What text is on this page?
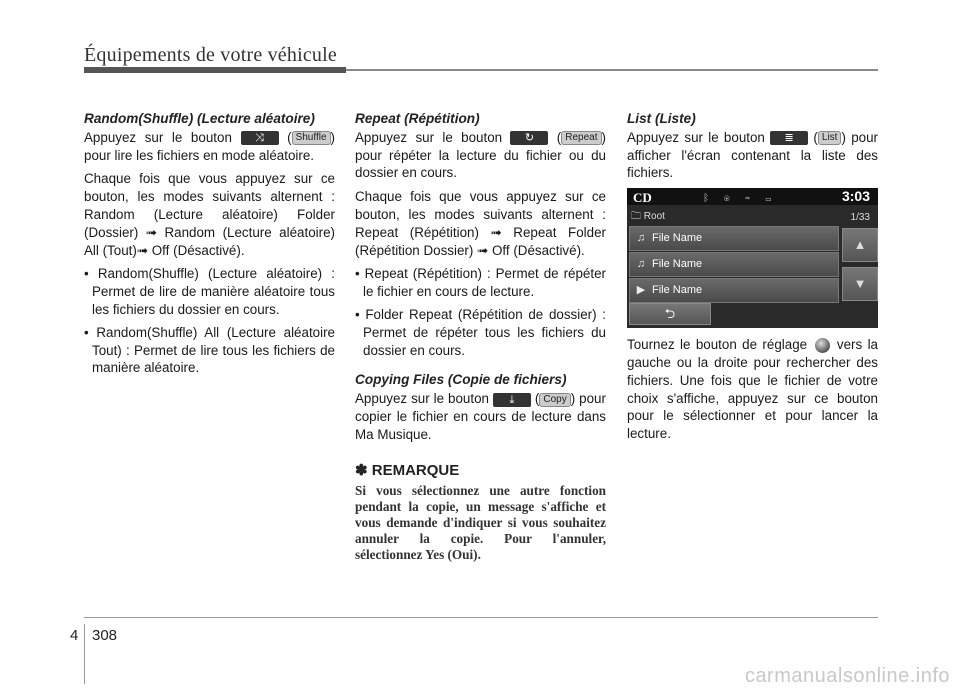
Équipements de votre véhicule
Random(Shuffle) (Lecture aléatoire)

Appuyez sur le bouton ⤨ ( Shuffle ) pour lire les fichiers en mode aléatoire.

Chaque fois que vous appuyez sur ce bouton, les modes suivants alternent : Random (Lecture aléatoire) Folder (Dossier) ➟ Random (Lecture aléatoire) All (Tout)➟ Off (Désactivé).

• Random(Shuffle) (Lecture aléatoire) : Permet de lire de manière aléatoire tous les fichiers du dossier en cours.

• Random(Shuffle) All (Lecture aléatoire Tout) : Permet de lire tous les fichiers de manière aléatoire.

Repeat (Répétition)

Appuyez sur le bouton ↻ ( Repeat ) pour répéter la lecture du fichier ou du dossier en cours.

Chaque fois que vous appuyez sur ce bouton, les modes suivants alternent : Repeat (Répétition) ➟ Repeat Folder (Répétition Dossier) ➟ Off (Désactivé).

• Repeat (Répétition) : Permet de répéter le fichier en cours de lecture.

• Folder Repeat (Répétition de dossier) : Permet de répéter tous les fichiers du dossier en cours.

Copying Files (Copie de fichiers)

Appuyez sur le bouton ⤓ ( Copy ) pour copier le fichier en cours de lecture dans Ma Musique.

✽ REMARQUE

Si vous sélectionnez une autre fonction pendant la copie, un message s'affiche et vous demande d'indiquer si vous souhaitez annuler la copie. Pour l'annuler, sélectionnez Yes (Oui).

List (Liste)

Appuyez sur le bouton ≣ ( List ) pour afficher l'écran contenant la liste des fichiers.

CD	ᛒ ◉ ⇋ ▭	3:03
🗀 Root	1/33
♫ File Name
♫ File Name
▶ File Name
▲
▼
⮌

Tournez le bouton de réglage vers la gauche ou la droite pour rechercher des fichiers. Une fois que le fichier de votre choix s'affiche, appuyez sur ce bouton pour le sélectionner et pour lancer la lecture.

4 308
carmanualsonline.info
